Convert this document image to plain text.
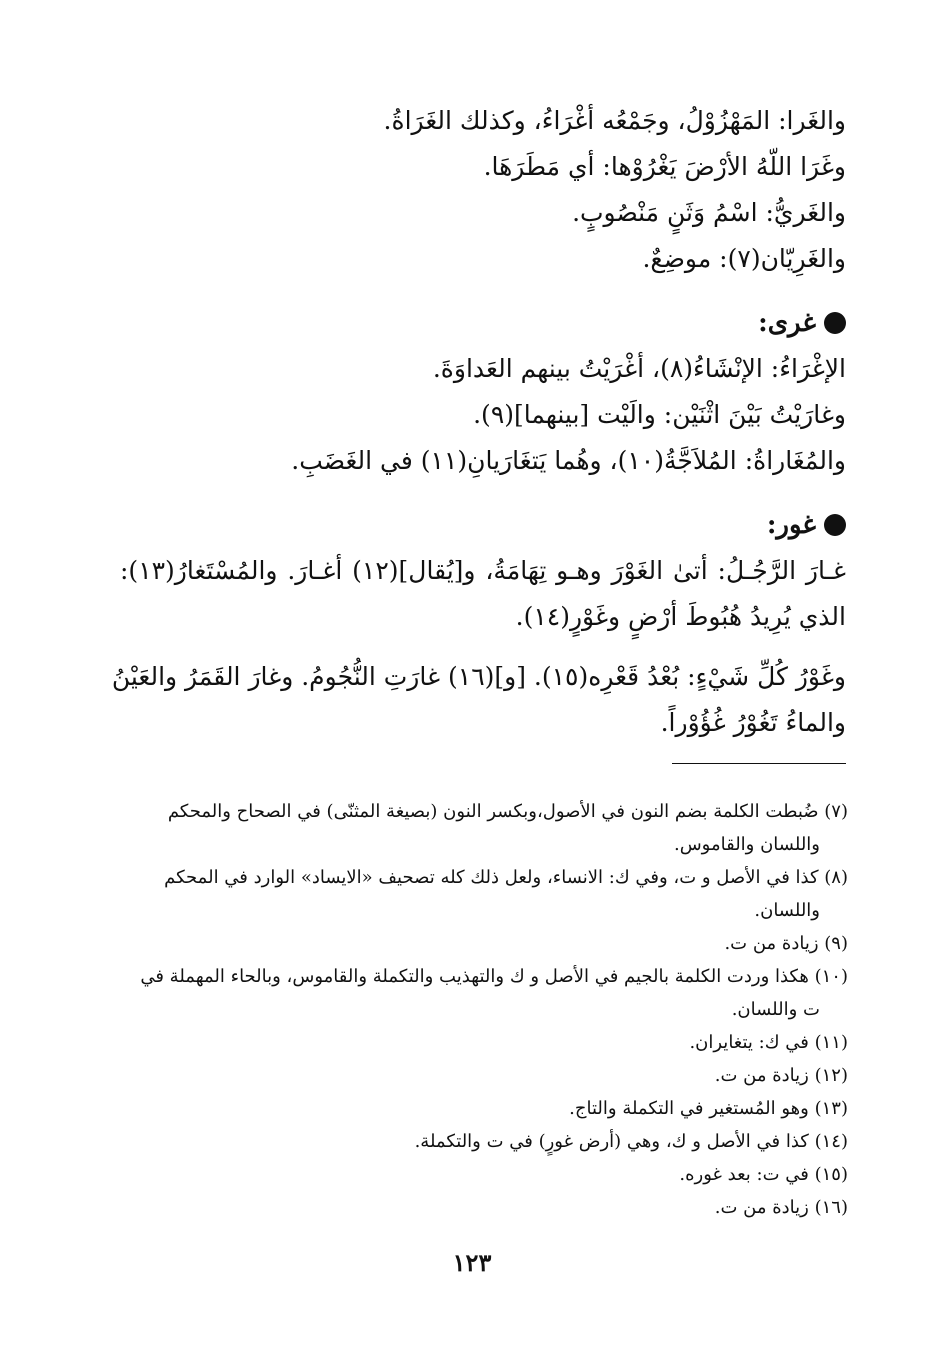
والغَرا: المَهْزُوْلُ، وجَمْعُه أغْرَاءُ، وكذلك الغَرَاةُ.

وغَرَا اللّهُ الأرْضَ يَغْرُوْها: أي مَطَرَهَا.

والغَريُّ: اسْمُ وَثَنٍ مَنْصُوبٍ.

والغَرِيّان(٧): موضِعٌ.

غرى:

الإغْرَاءُ: الإنْشَاءُ(٨)، أغْرَيْتُ بينهم العَداوَةَ.

وغارَيْتُ بَيْنَ اثْنَيْن: والَيْت [بينهما](٩).

والمُغَاراةُ: المُلاَجَّةُ(١٠)، وهُما يَتغَارَيانِ(١١) في الغَضَبِ.

غور:

غـارَ الرَّجُـلُ: أتىٰ الغَوْرَ وهـو تِهَامَةُ، و[يُقال](١٢) أغـارَ. والمُسْتَغارُ(١٣):

الذي يُرِيدُ هُبُوطَ أرْضٍ وغَوْرٍ(١٤).

وغَوْرُ كُلِّ شَيْءٍ: بُعْدُ قَعْرِه(١٥). [و](١٦) غارَتِ النُّجُومُ. وغارَ القَمَرُ والعَيْنُ

والماءُ تَغُوْرُ غُؤُوْراً.

(٧) ضُبطت الكلمة بضم النون في الأصول،وبكسر النون (بصيغة المثنّى) في الصحاح والمحكم

واللسان والقاموس.

(٨) كذا في الأصل و ت، وفي ك: الانساء، ولعل ذلك كله تصحيف «الايساد» الوارد في المحكم

واللسان.

(٩) زيادة من ت.

(١٠) هكذا وردت الكلمة بالجيم في الأصل و ك والتهذيب والتكملة والقاموس، وبالحاء المهملة في

ت واللسان.

(١١) في ك: يتغايران.

(١٢) زيادة من ت.

(١٣) وهو المُستغير في التكملة والتاج.

(١٤) كذا في الأصل و ك، وهي (أرض غورٍ) في ت والتكملة.

(١٥) في ت: بعد غوره.

(١٦) زيادة من ت.

١٢٣
